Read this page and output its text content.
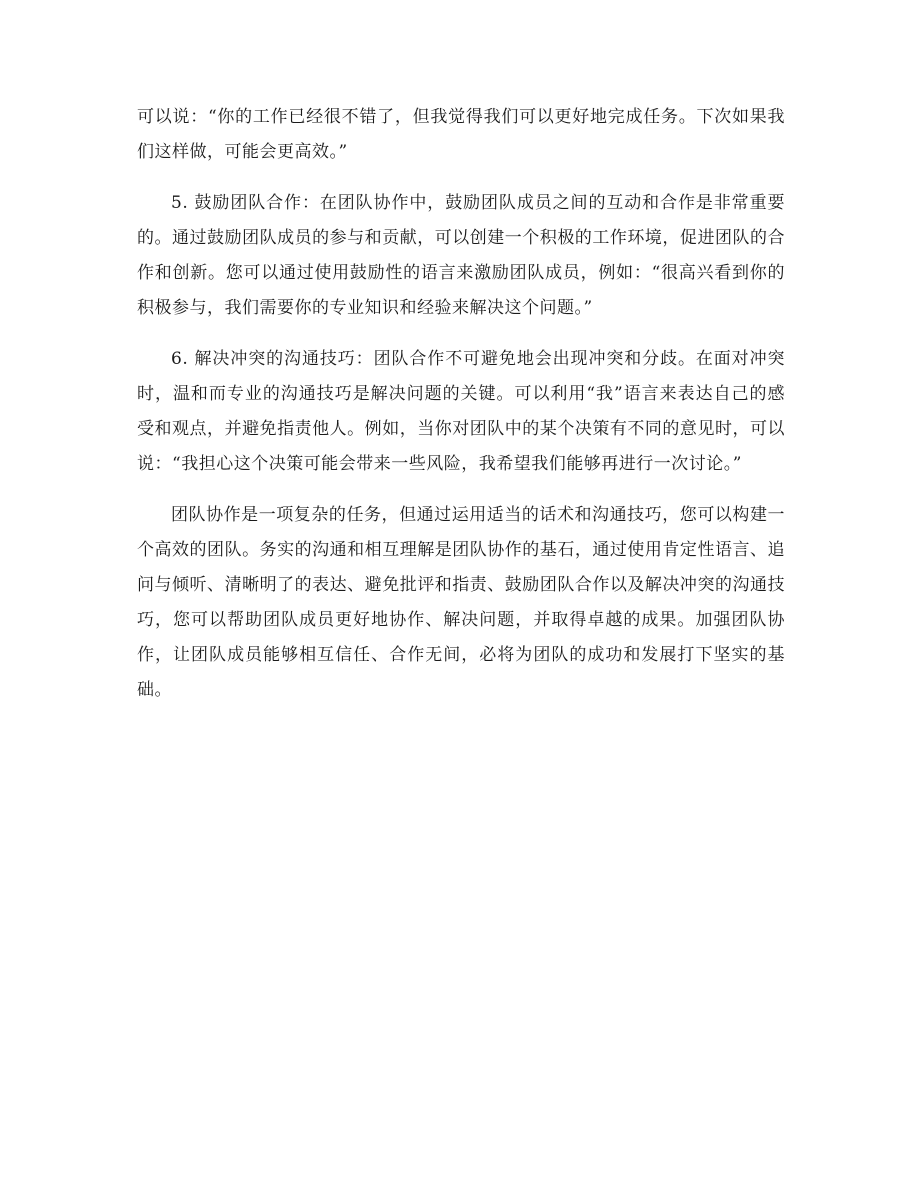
可以说：“你的工作已经很不错了，但我觉得我们可以更好地完成任务。下次如果我们这样做，可能会更高效。”

5. 鼓励团队合作：在团队协作中，鼓励团队成员之间的互动和合作是非常重要的。通过鼓励团队成员的参与和贡献，可以创建一个积极的工作环境，促进团队的合作和创新。您可以通过使用鼓励性的语言来激励团队成员，例如：“很高兴看到你的积极参与，我们需要你的专业知识和经验来解决这个问题。”

6. 解决冲突的沟通技巧：团队合作不可避免地会出现冲突和分歧。在面对冲突时，温和而专业的沟通技巧是解决问题的关键。可以利用“我”语言来表达自己的感受和观点，并避免指责他人。例如，当你对团队中的某个决策有不同的意见时，可以说：“我担心这个决策可能会带来一些风险，我希望我们能够再进行一次讨论。”

团队协作是一项复杂的任务，但通过运用适当的话术和沟通技巧，您可以构建一个高效的团队。务实的沟通和相互理解是团队协作的基石，通过使用肯定性语言、追问与倾听、清晰明了的表达、避免批评和指责、鼓励团队合作以及解决冲突的沟通技巧，您可以帮助团队成员更好地协作、解决问题，并取得卓越的成果。加强团队协作，让团队成员能够相互信任、合作无间，必将为团队的成功和发展打下坚实的基础。
